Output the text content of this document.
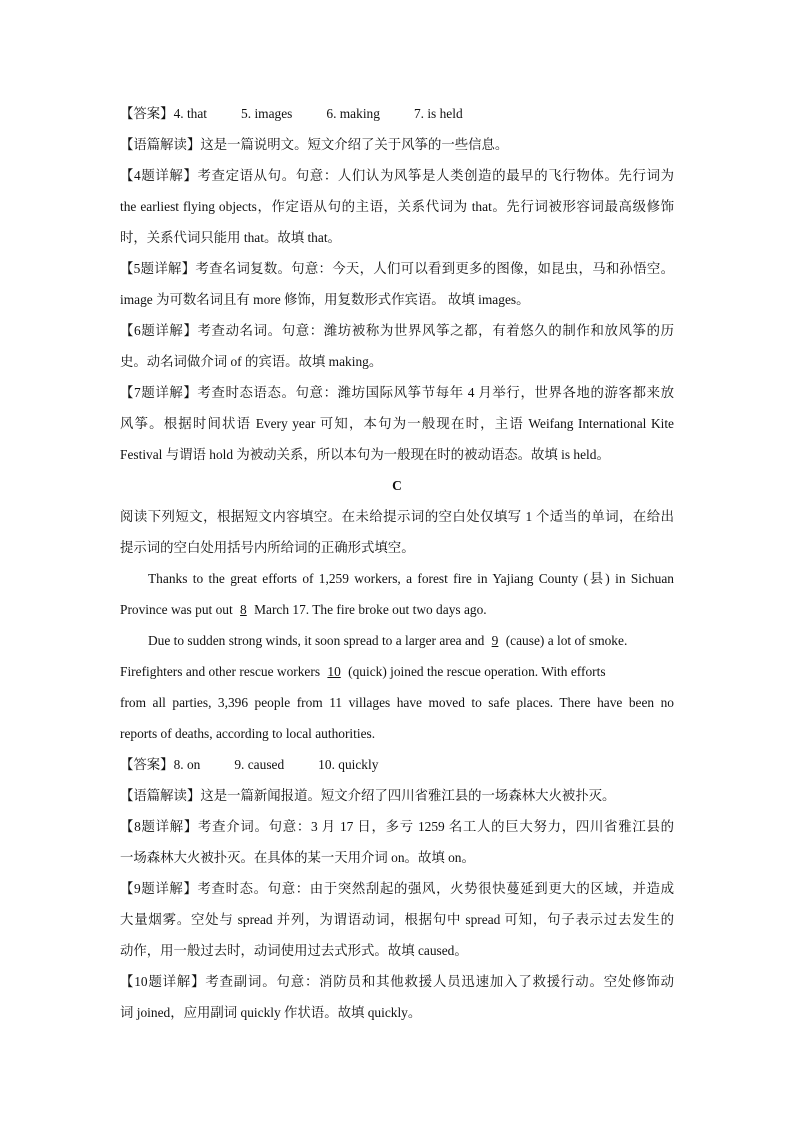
【答案】4. that	5. images	6. making	7. is held
【语篇解读】这是一篇说明文。短文介绍了关于风筝的一些信息。
【4题详解】考查定语从句。句意：人们认为风筝是人类创造的最早的飞行物体。先行词为
the earliest flying objects，作定语从句的主语，关系代词为 that。先行词被形容词最高级修饰
时，关系代词只能用 that。故填 that。
【5题详解】考查名词复数。句意：今天，人们可以看到更多的图像，如昆虫，马和孙悟空。
image 为可数名词且有 more 修饰，用复数形式作宾语。 故填 images。
【6题详解】考查动名词。句意：潍坊被称为世界风筝之都，有着悠久的制作和放风筝的历
史。动名词做介词 of 的宾语。故填 making。
【7题详解】考查时态语态。句意：潍坊国际风筝节每年 4 月举行，世界各地的游客都来放
风筝。根据时间状语 Every year 可知，本句为一般现在时，主语 Weifang International Kite
Festival 与谓语 hold 为被动关系，所以本句为一般现在时的被动语态。故填 is held。
C
阅读下列短文，根据短文内容填空。在未给提示词的空白处仅填写 1 个适当的单词，在给出
提示词的空白处用括号内所给词的正确形式填空。
Thanks to the great efforts of 1,259 workers, a forest fire in Yajiang County (县) in Sichuan
Province was put out 8 March 17. The fire broke out two days ago.
Due to sudden strong winds, it soon spread to a larger area and 9 (cause) a lot of smoke.
Firefighters and other rescue workers 10 (quick) joined the rescue operation. With efforts
from all parties, 3,396 people from 11 villages have moved to safe places. There have been no
reports of deaths, according to local authorities.
【答案】8. on	9. caused	10. quickly
【语篇解读】这是一篇新闻报道。短文介绍了四川省雅江县的一场森林大火被扑灭。
【8题详解】考查介词。句意：3 月 17 日，多亏 1259 名工人的巨大努力，四川省雅江县的
一场森林大火被扑灭。在具体的某一天用介词 on。故填 on。
【9题详解】考查时态。句意：由于突然刮起的强风，火势很快蔓延到更大的区域，并造成
大量烟雾。空处与 spread 并列，为谓语动词，根据句中 spread 可知，句子表示过去发生的
动作，用一般过去时，动词使用过去式形式。故填 caused。
【10题详解】考查副词。句意：消防员和其他救援人员迅速加入了救援行动。空处修饰动
词 joined，应用副词 quickly 作状语。故填 quickly。
